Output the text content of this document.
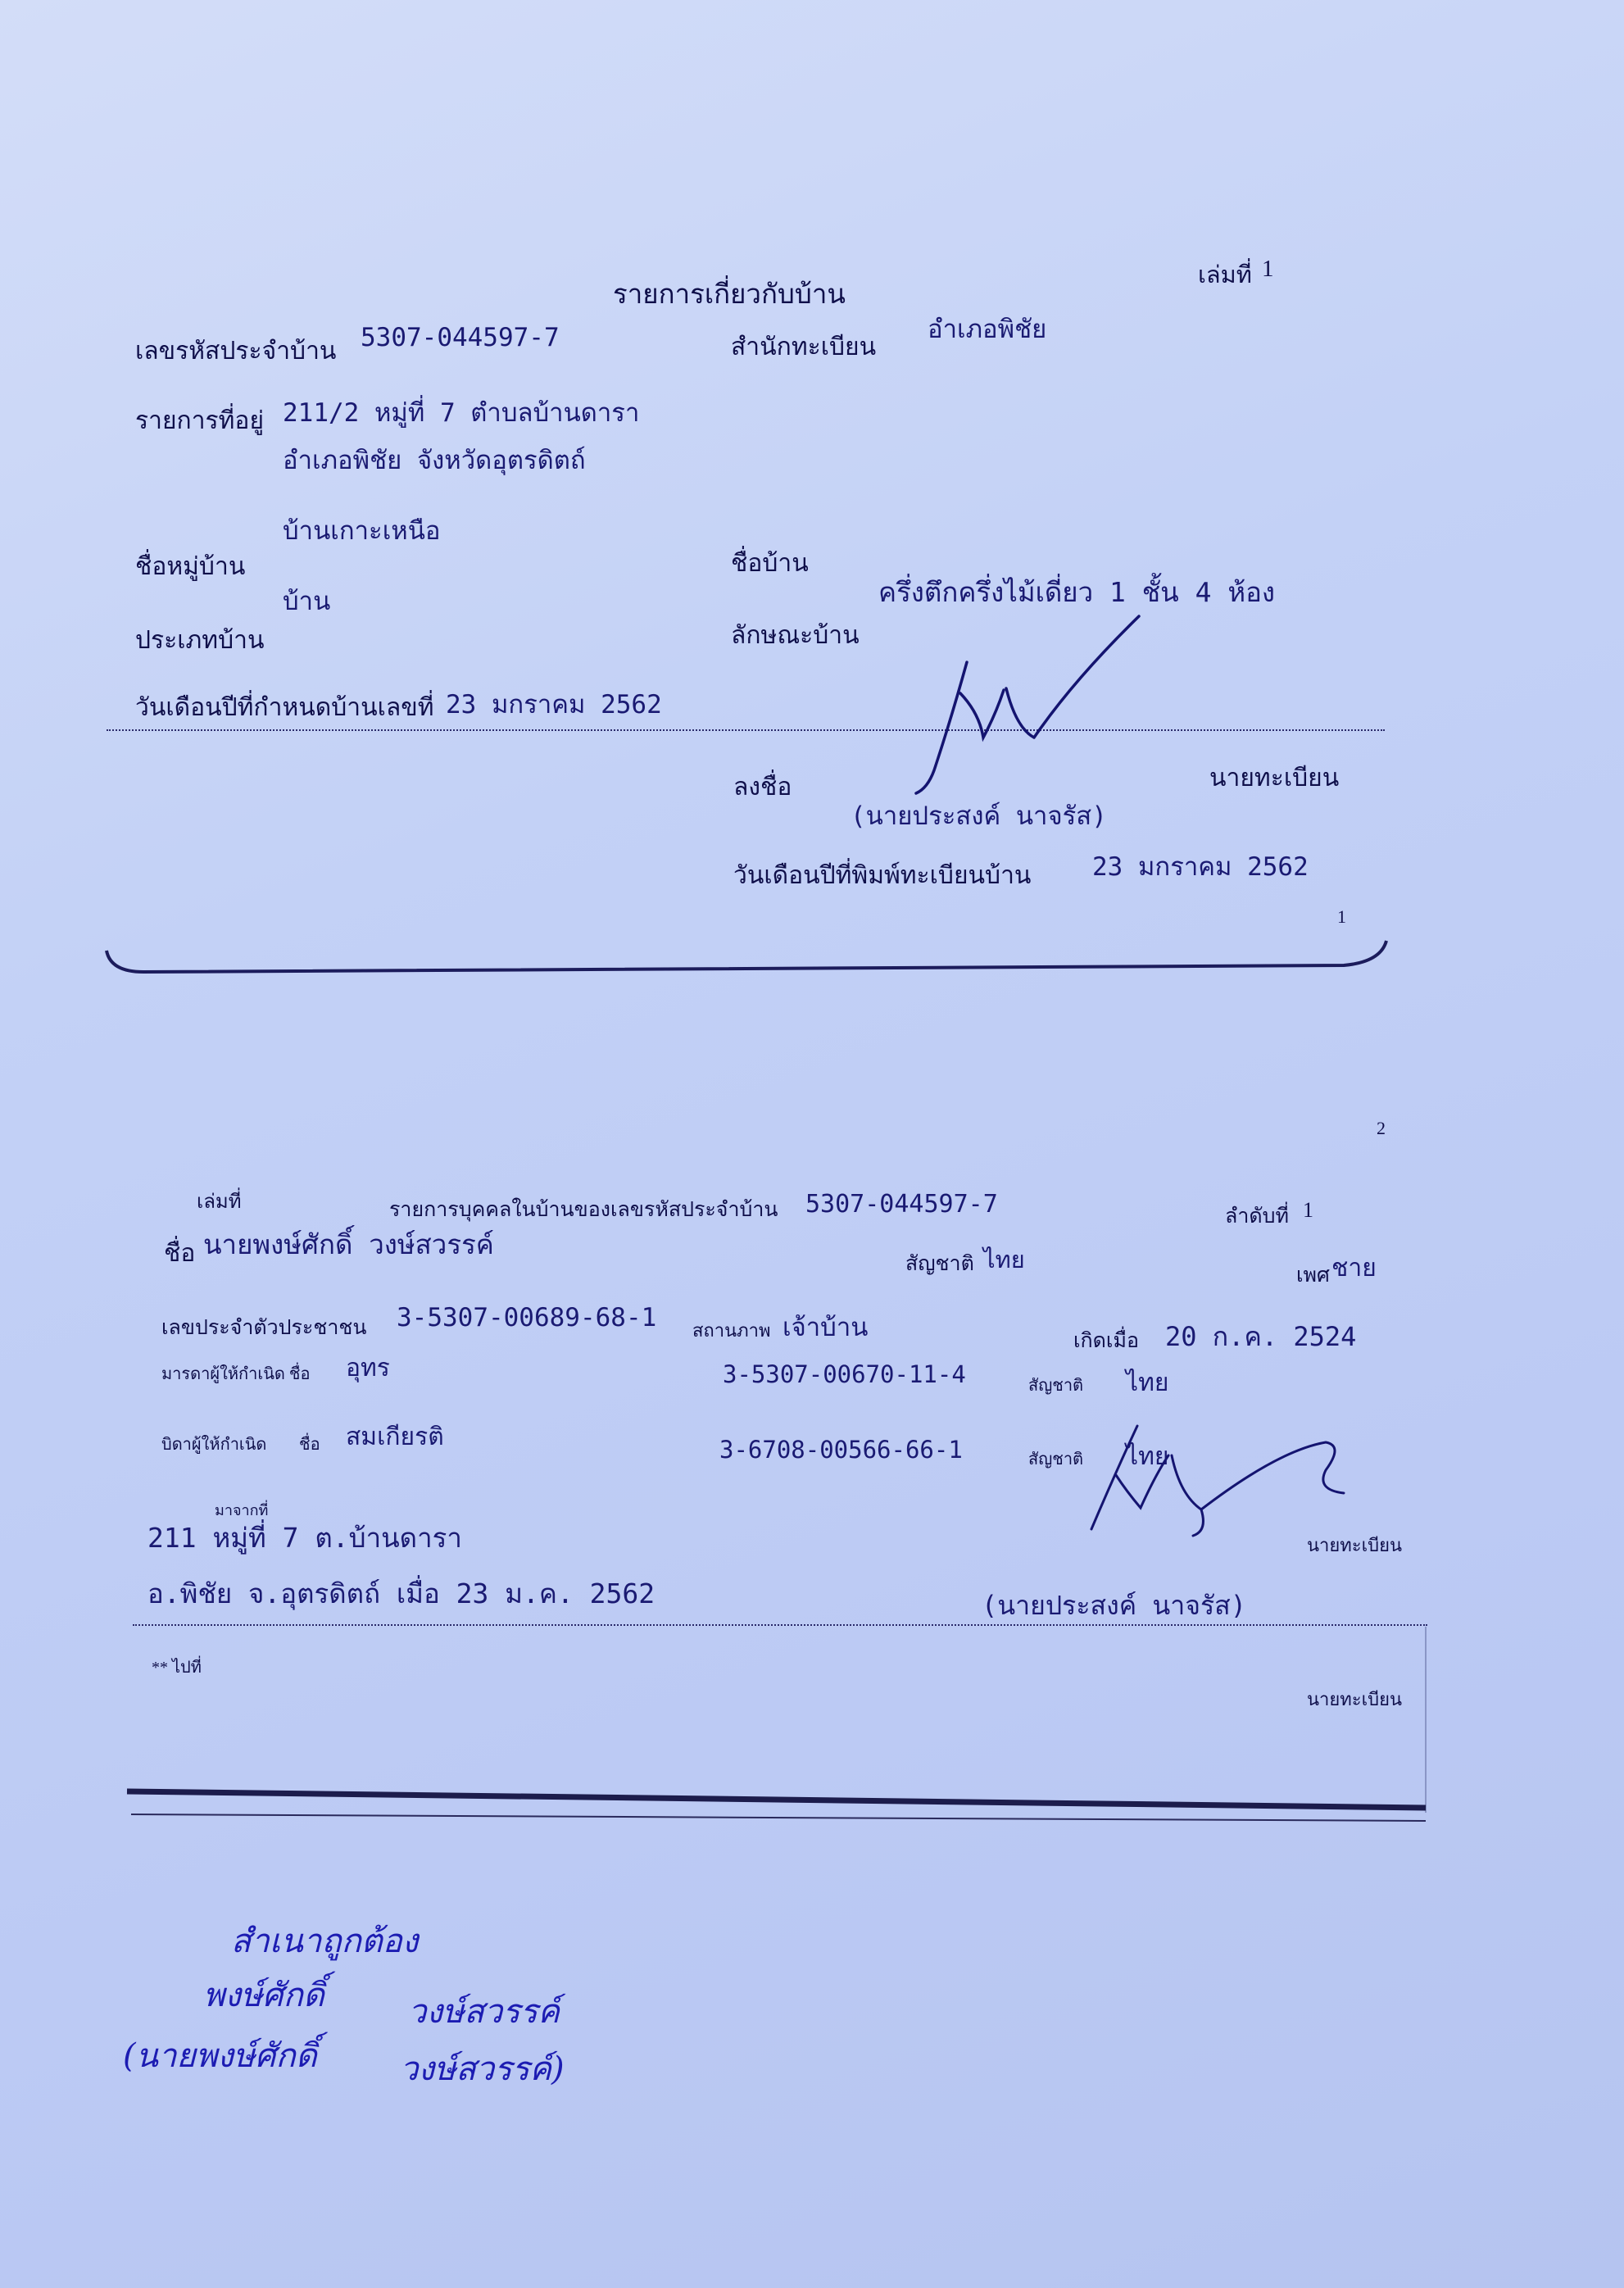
รายการเกี่ยวกับบ้าน
เล่มที่ 1
เลขรหัสประจำบ้าน 5307-044597-7	สำนักทะเบียน
อำเภอพิชัย
รายการที่อยู่ 211/2 หมู่ที่ 7 ตำบลบ้านดารา
อำเภอพิชัย จังหวัดอุตรดิตถ์
บ้านเกาะเหนือ
ชื่อหมู่บ้าน	ชื่อบ้าน
บ้าน	ครึ่งตึกครึ่งไม้เดี่ยว 1 ชั้น 4 ห้อง
ประเภทบ้าน	ลักษณะบ้าน
วันเดือนปีที่กำหนดบ้านเลขที่ 23 มกราคม 2562
ลงชื่อ	นายทะเบียน
(นายประสงค์ นาจรัส)
วันเดือนปีที่พิมพ์ทะเบียนบ้าน 23 มกราคม 2562
1
2
เล่มที่	รายการบุคคลในบ้านของเลขรหัสประจำบ้าน 5307-044597-7	ลำดับที่ 1
ชื่อ นายพงษ์ศักดิ์ วงษ์สวรรค์
สัญชาติ ไทย
เพศ ชาย
เลขประจำตัวประชาชน 3-5307-00689-68-1 สถานภาพ เจ้าบ้าน	เกิดเมื่อ 20 ก.ค. 2524
มารดาผู้ให้กำเนิด ชื่อ อุทร	3-5307-00670-11-4	สัญชาติ ไทย
บิดาผู้ให้กำเนิด ชื่อ สมเกียรติ	3-6708-00566-66-1	สัญชาติ ไทย
มาจากที่
211 หมู่ที่ 7 ต.บ้านดารา
อ.พิชัย จ.อุตรดิตถ์ เมื่อ 23 ม.ค. 2562
นายทะเบียน
(นายประสงค์ นาจรัส)
** ไปที่
นายทะเบียน
สำเนาถูกต้อง
พงษ์ศักดิ์	วงษ์สวรรค์
(นายพงษ์ศักดิ์	วงษ์สวรรค์)
